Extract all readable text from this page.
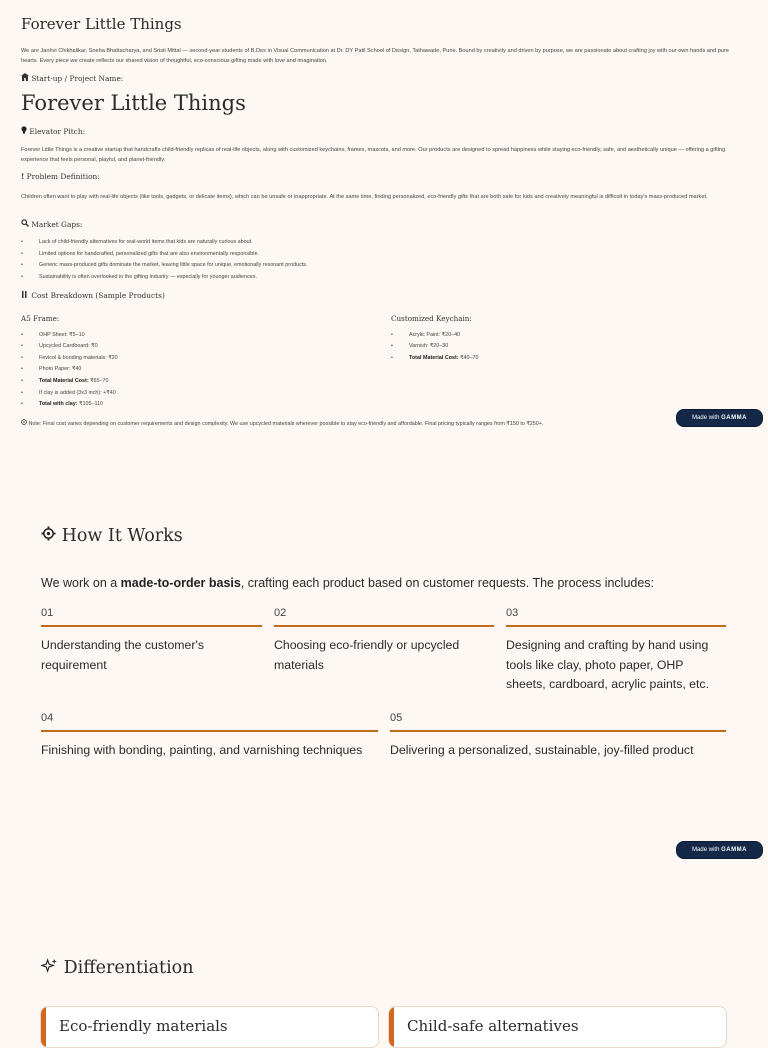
Forever Little Things
We are Janhvi Chikhalikar, Sneha Bhattacharya, and Sristi Mittal — second-year students of B.Des in Visual Communication at Dr. DY Patil School of Design, Tathawade, Pune. Bound by creativity and driven by purpose, we are passionate about crafting joy with our own hands and pure hearts. Every piece we create reflects our shared vision of thoughtful, eco-conscious gifting made with love and imagination.
Start-up / Project Name:
Forever Little Things
Elevator Pitch:
Forever Little Things is a creative startup that handcrafts child-friendly replicas of real-life objects, along with customized keychains, frames, mascots, and more. Our products are designed to spread happiness while staying eco-friendly, safe, and aesthetically unique — offering a gifting experience that feels personal, playful, and planet-friendly.
! Problem Definition:
Children often want to play with real-life objects (like tools, gadgets, or delicate items), which can be unsafe or inappropriate. At the same time, finding personalized, eco-friendly gifts that are both safe for kids and creatively meaningful is difficult in today's mass-produced market.
Market Gaps:
•	Lack of child-friendly alternatives for real-world items that kids are naturally curious about.
•	Limited options for handcrafted, personalized gifts that are also environmentally responsible.
•	Generic mass-produced gifts dominate the market, leaving little space for unique, emotionally resonant products.
•	Sustainability is often overlooked in the gifting industry — especially for younger audiences.
Cost Breakdown (Sample Products)
A5 Frame:
•	OHP Sheet: ₹5–10
•	Upcycled Cardboard: ₹0
•	Fevicol & bonding materials: ₹20
•	Photo Paper: ₹40
•	Total Material Cost: ₹65–70
•	If clay is added (3x3 inch): +₹40
•	Total with clay: ₹105–110
Customized Keychain:
•	Acrylic Paint: ₹20–40
•	Varnish: ₹20–30
•	Total Material Cost: ₹40–70
Note: Final cost varies depending on customer requirements and design complexity. We use upcycled materials wherever possible to stay eco-friendly and affordable. Final pricing typically ranges from ₹150 to ₹250+.
Made with GAMMA
How It Works
We work on a made-to-order basis, crafting each product based on customer requests. The process includes:
01
Understanding the customer's requirement
02
Choosing eco-friendly or upcycled materials
03
Designing and crafting by hand using tools like clay, photo paper, OHP sheets, cardboard, acrylic paints, etc.
04
Finishing with bonding, painting, and varnishing techniques
05
Delivering a personalized, sustainable, joy-filled product
Made with GAMMA
Differentiation
Eco-friendly materials	Child-safe alternatives
